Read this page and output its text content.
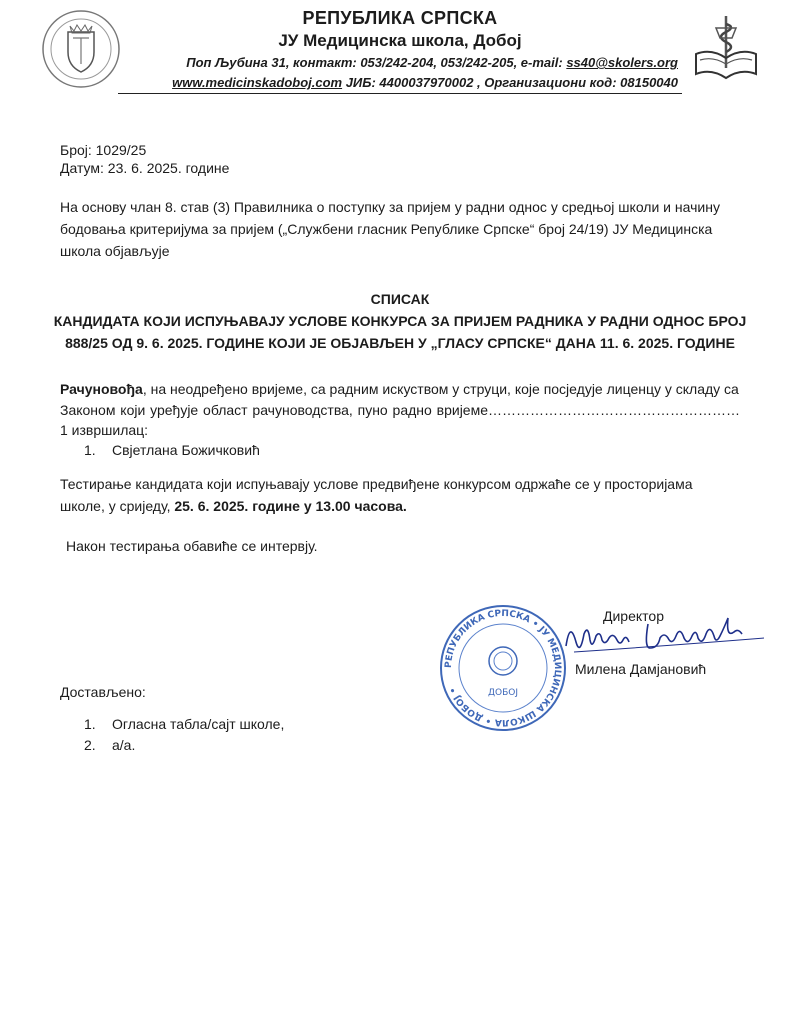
РЕПУБЛИКА СРПСКА
ЈУ Медицинска школа, Добој
Поп Љубина 31, контакт: 053/242-204, 053/242-205, e-mail: ss40@skolers.org
www.medicinskadoboj.com ЈИБ: 4400037970002 , Организациони код: 08150040
Број: 1029/25
Датум: 23. 6. 2025. године
На основу члан 8. став (3) Правилника о поступку за пријем у радни однос у средњој школи и начину
бодовања критеријума за пријем („Службени гласник Републике Српске“ број 24/19) ЈУ Медицинска
школа објављује
СПИСАК
КАНДИДАТА КОЈИ ИСПУЊАВАЈУ УСЛОВЕ КОНКУРСА ЗА ПРИЈЕМ РАДНИКА У РАДНИ ОДНОС БРОЈ
888/25 ОД 9. 6. 2025. ГОДИНЕ КОЈИ ЈЕ ОБЈАВЉЕН У „ГЛАСУ СРПСКЕ“ ДАНА 11. 6. 2025. ГОДИНЕ
Рачуновођа, на неодређено вријеме, са радним искуством у струци, које посједује лиценцу у складу са
Законом који уређује област рачуноводства, пуно радно вријеме………………………………………………1 извршилац:
1. Свјетлана Божичковић
Тестирање кандидата који испуњавају услове предвиђене конкурсом одржаће се у просторијама
школе, у сриједу, 25. 6. 2025. године у 13.00 часова.
Након тестирања обавиће се интервју.
РЕПУБЛИКА СРПСКА • ЈУ МЕДИЦИНСКА ШКОЛА • ДОБОЈ •	ДОБОЈ
Директор
Милена Дамјановић
Достављено:
1. Огласна табла/сајт школе,
2. а/а.
